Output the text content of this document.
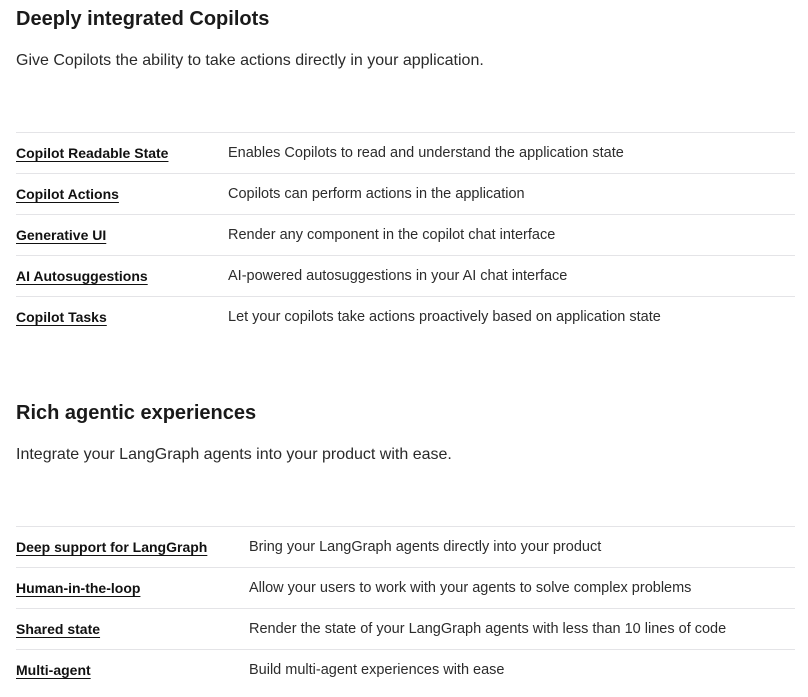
Deeply integrated Copilots

Give Copilots the ability to take actions directly in your application.

Copilot Readable State	Enables Copilots to read and understand the application state
Copilot Actions	Copilots can perform actions in the application
Generative UI	Render any component in the copilot chat interface
AI Autosuggestions	AI-powered autosuggestions in your AI chat interface
Copilot Tasks	Let your copilots take actions proactively based on application state
Rich agentic experiences

Integrate your LangGraph agents into your product with ease.

Deep support for LangGraph	Bring your LangGraph agents directly into your product
Human-in-the-loop	Allow your users to work with your agents to solve complex problems
Shared state	Render the state of your LangGraph agents with less than 10 lines of code
Multi-agent	Build multi-agent experiences with ease
